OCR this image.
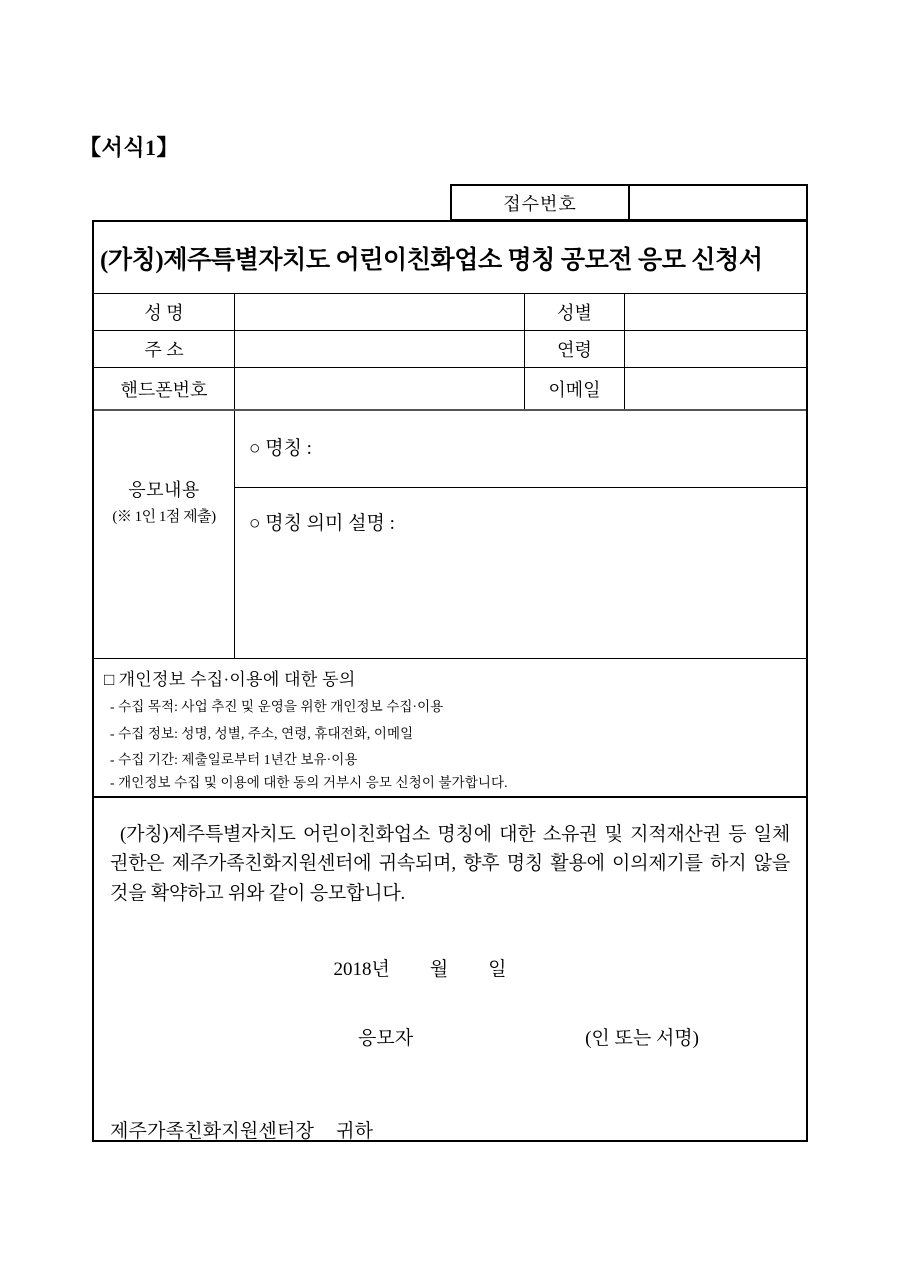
【서식1】
접수번호
(가칭)제주특별자치도 어린이친화업소 명칭 공모전 응모 신청서
성 명	성별
주 소	연령
핸드폰번호	이메일
응모내용
(※ 1인 1점 제출)
○ 명칭 :
○ 명칭 의미 설명 :
□ 개인정보 수집·이용에 대한 동의
- 수집 목적: 사업 추진 및 운영을 위한 개인정보 수집·이용
- 수집 정보: 성명, 성별, 주소, 연령, 휴대전화, 이메일
- 수집 기간: 제출일로부터 1년간 보유·이용
- 개인정보 수집 및 이용에 대한 동의 거부시 응모 신청이 불가합니다.
(가칭)제주특별자치도 어린이친화업소 명칭에 대한 소유권 및 지적재산권 등 일체 권한은 제주가족친화지원센터에 귀속되며, 향후 명칭 활용에 이의제기를 하지 않을 것을 확약하고 위와 같이 응모합니다.
2018년 월 일
응모자	(인 또는 서명)
제주가족친화지원센터장 귀하
